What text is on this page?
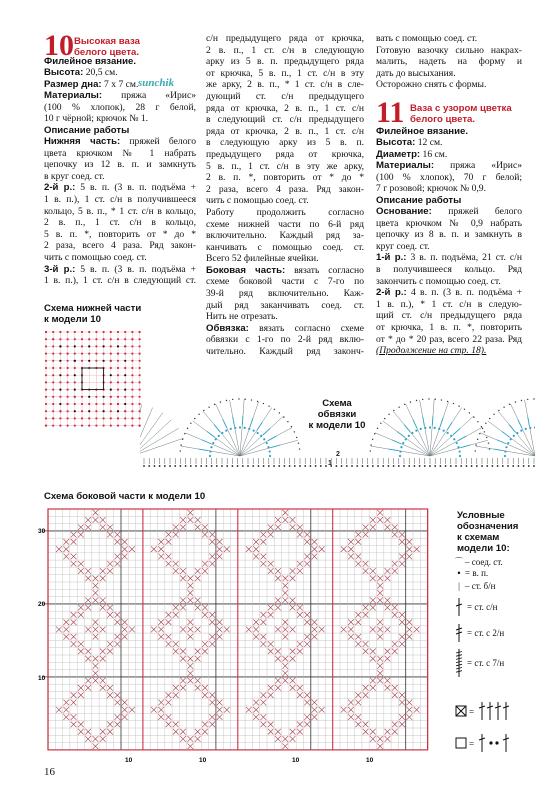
10 Высокая ваза
белого цвета.

Филейное вязание.

Высота: 20,5 см.

Размер дна: 7 х 7 см.

Материалы: пряжа «Ирис»

(100 % хлопок), 28 г белой,

10 г чёрной; крючок № 1.

Описание работы

Нижняя часть: пряжей белого

цвета крючком № 1 набрать

цепочку из 12 в. п. и замкнуть

в круг соед. ст.

2-й р.: 5 в. п. (3 в. п. подъёма +

1 в. п.), 1 ст. с/н в получившееся

кольцо, 5 в. п., * 1 ст. с/н в кольцо,

2 в. п., 1 ст. с/н в кольцо,

5 в. п. *, повторить от * до *

2 раза, всего 4 раза. Ряд закон-

чить с помощью соед. ст.

3-й р.: 5 в. п. (3 в. п. подъёма +

1 в. п.), 1 ст. с/н в следующий ст.

sunchik

с/н предыдущего ряда от крючка,

2 в. п., 1 ст. с/н в следующую

арку из 5 в. п. предыдущего ряда

от крючка, 5 в. п., 1 ст. с/н в эту

же арку, 2 в. п., * 1 ст. с/н в сле-

дующий ст. с/н предыдущего

ряда от крючка, 2 в. п., 1 ст. с/н

в следующий ст. с/н предыдущего

ряда от крючка, 2 в. п., 1 ст. с/н

в следующую арку из 5 в. п.

предыдущего ряда от крючка,

5 в. п., 1 ст. с/н в эту же арку,

2 в. п. *, повторить от * до *

2 раза, всего 4 раза. Ряд закон-

чить с помощью соед. ст.

Работу продолжить согласно

схеме нижней части по 6-й ряд

включительно. Каждый ряд за-

канчивать с помощью соед. ст.

Всего 52 филейные ячейки.

Боковая часть: вязать согласно

схеме боковой части с 7-го по

39-й ряд включительно. Каж-

дый ряд заканчивать соед. ст.

Нить не отрезать.

Обвязка: вязать согласно схеме

обвязки с 1-го по 2-й ряд вклю-

чительно. Каждый ряд законч-

вать с помощью соед. ст.

Готовую вазочку сильно накрах-

малить, надеть на форму и

дать до высыхания.

Осторожно снять с формы.

11 Ваза с узором цветка
белого цвета.

Филейное вязание.

Высота: 12 см.

Диаметр: 16 см.

Материалы: пряжа «Ирис»

(100 % хлопок), 70 г белой;

7 г розовой; крючок № 0,9.

Описание работы

Основание: пряжей белого

цвета крючком № 0,9 набрать

цепочку из 8 в. п. и замкнуть в

круг соед. ст.

1-й р.: 3 в. п. подъёма, 21 ст. с/н

в получившееся кольцо. Ряд

закончить с помощью соед. ст.

2-й р.: 4 в. п. (3 в. п. подъёма +

1 в. п.), * 1 ст. с/н в следую-

щий ст. с/н предыдущего ряда

от крючка, 1 в. п. *, повторить

от * до * 20 раз, всего 22 раза. Ряд

(Продолжение на стр. 18).

Схема нижней части
к модели 10
Схема обвязки
к модели 10
2
1
Схема боковой части к модели 10
30
20
10
10	10	10	10
Условные
обозначения
к схемам
модели 10:
⌒ – соед. ст.
• = в. п.
| – ст. б/н
= ст. с/н
= ст. с 2/н
= ст. с 7/н
=
=
16
